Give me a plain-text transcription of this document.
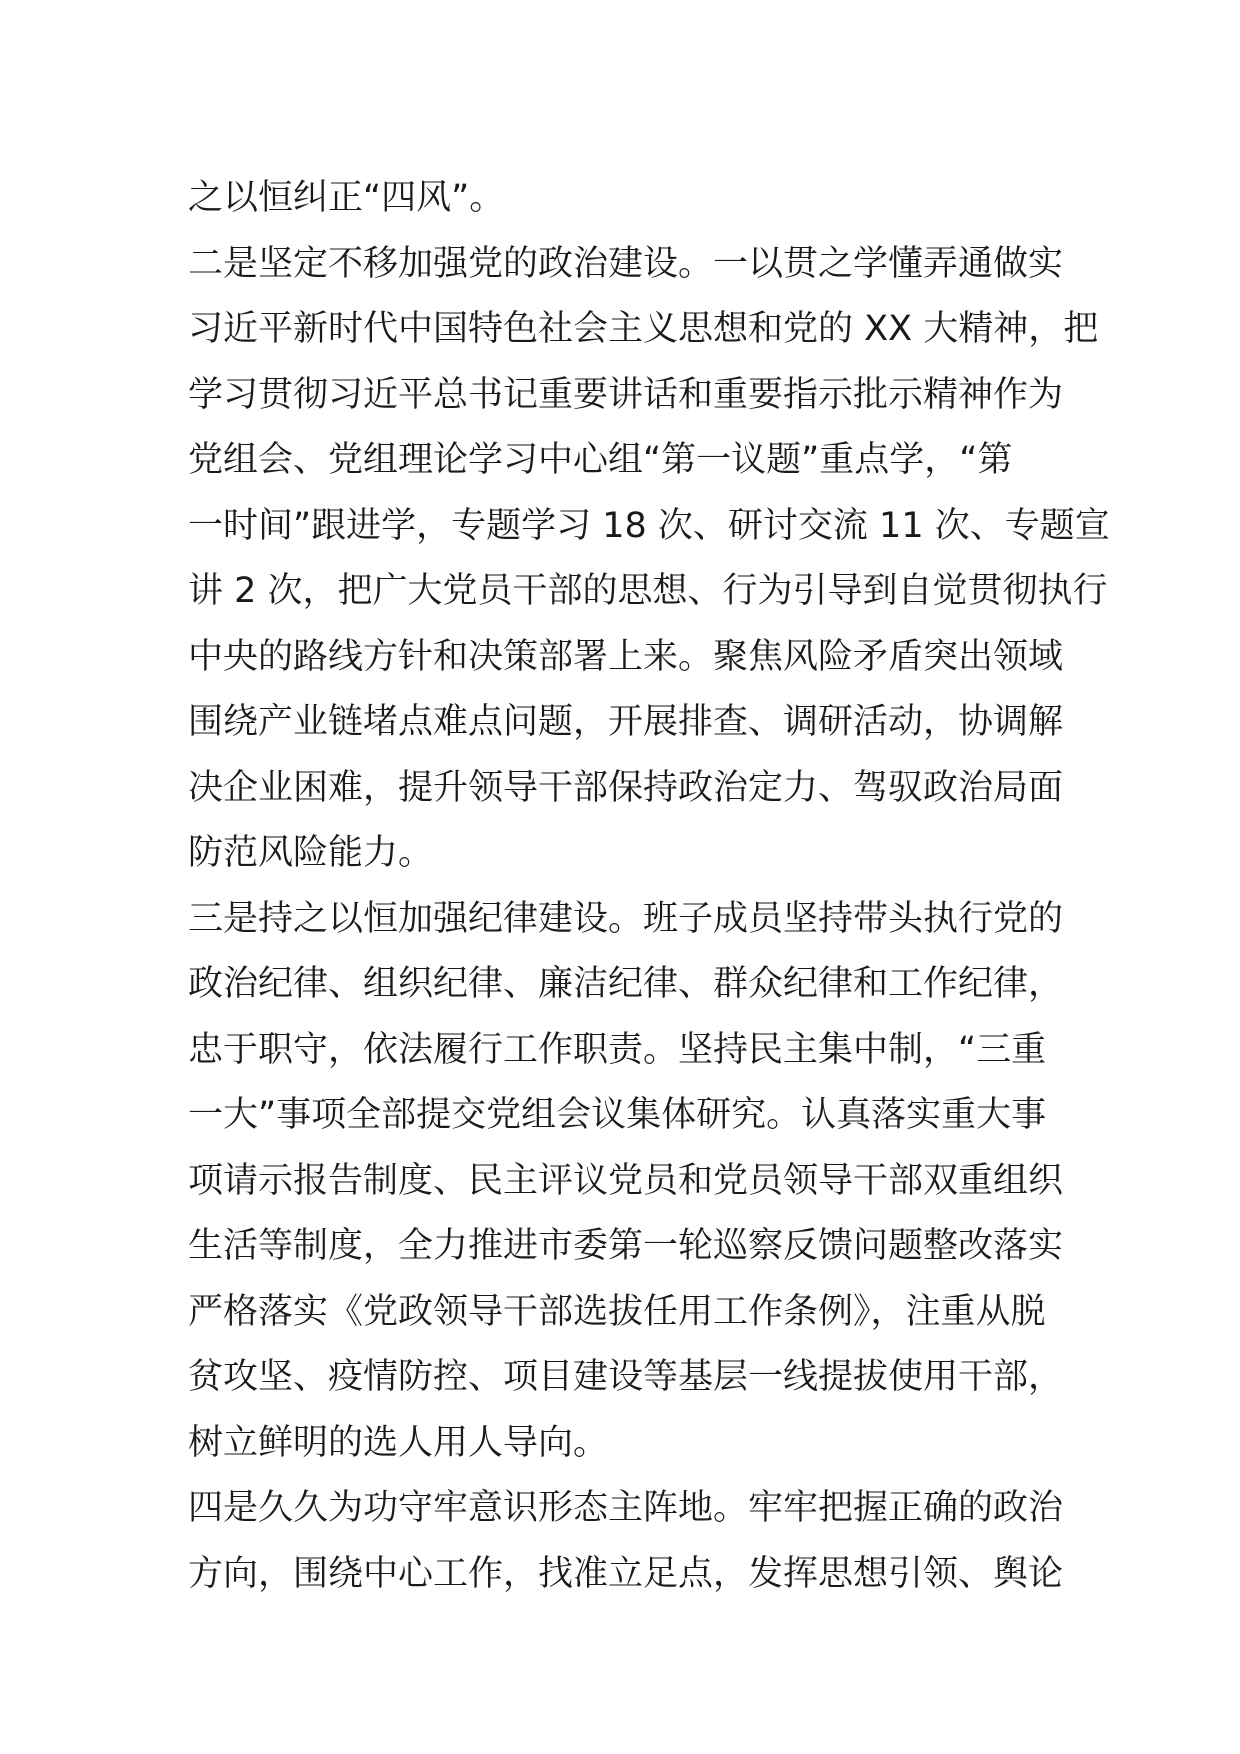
之以恒纠正“四风”。
二是坚定不移加强党的政治建设。一以贯之学懂弄通做实
习近平新时代中国特色社会主义思想和党的 XX 大精神，把
学习贯彻习近平总书记重要讲话和重要指示批示精神作为
党组会、党组理论学习中心组“第一议题”重点学，“第
一时间”跟进学，专题学习 18 次、研讨交流 11 次、专题宣
讲 2 次，把广大党员干部的思想、行为引导到自觉贯彻执行
中央的路线方针和决策部署上来。聚焦风险矛盾突出领域
围绕产业链堵点难点问题，开展排查、调研活动，协调解
决企业困难，提升领导干部保持政治定力、驾驭政治局面
防范风险能力。
三是持之以恒加强纪律建设。班子成员坚持带头执行党的
政治纪律、组织纪律、廉洁纪律、群众纪律和工作纪律，
忠于职守，依法履行工作职责。坚持民主集中制，“三重
一大”事项全部提交党组会议集体研究。认真落实重大事
项请示报告制度、民主评议党员和党员领导干部双重组织
生活等制度，全力推进市委第一轮巡察反馈问题整改落实
严格落实《党政领导干部选拔任用工作条例》，注重从脱
贫攻坚、疫情防控、项目建设等基层一线提拔使用干部，
树立鲜明的选人用人导向。
四是久久为功守牢意识形态主阵地。牢牢把握正确的政治
方向，围绕中心工作，找准立足点，发挥思想引领、舆论
